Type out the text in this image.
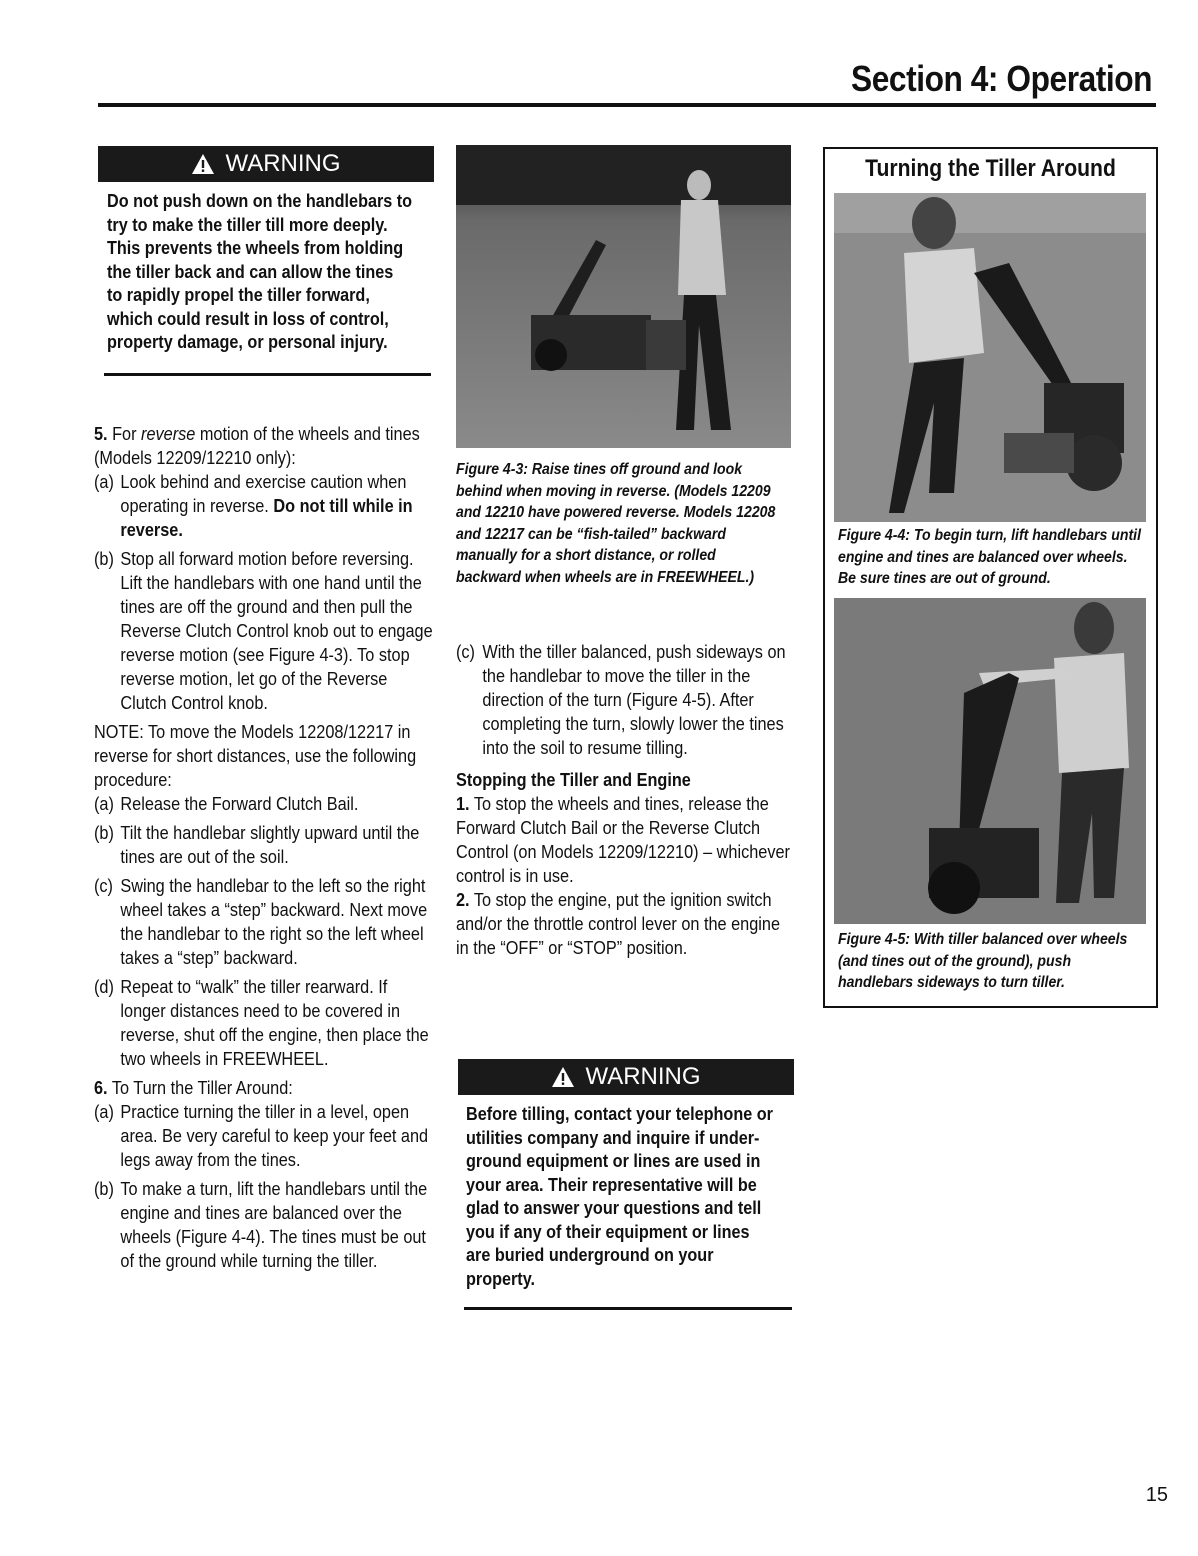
Section 4: Operation
WARNING
Do not push down on the handlebars to
try to make the tiller till more deeply.
This prevents the wheels from holding
the tiller back and can allow the tines
to rapidly propel the tiller forward,
which could result in loss of control,
property damage, or personal injury.

5. For reverse motion of the wheels and tines (Models 12209/12210 only):

(a) Look behind and exercise caution when operating in reverse. Do not till while in reverse.
(b) Stop all forward motion before reversing. Lift the handlebars with one hand until the tines are off the ground and then pull the Reverse Clutch Control knob out to engage reverse motion (see Figure 4-3). To stop reverse motion, let go of the Reverse Clutch Control knob.

NOTE: To move the Models 12208/12217 in reverse for short distances, use the following procedure:

(a) Release the Forward Clutch Bail.
(b) Tilt the handlebar slightly upward until the tines are out of the soil.
(c) Swing the handlebar to the left so the right wheel takes a “step” backward. Next move the handlebar to the right so the left wheel takes a “step” backward.
(d) Repeat to “walk” the tiller rearward. If longer distances need to be covered in reverse, shut off the engine, then place the two wheels in FREEWHEEL.

6. To Turn the Tiller Around:

(a) Practice turning the tiller in a level, open area. Be very careful to keep your feet and legs away from the tines.
(b) To make a turn, lift the handlebars until the engine and tines are balanced over the wheels (Figure 4-4). The tines must be out of the ground while turning the tiller.
Figure 4-3: Raise tines off ground and look behind when moving in reverse. (Models 12209 and 12210 have powered reverse. Models 12208 and 12217 can be “fish-tailed” backward manually for a short distance, or rolled backward when wheels are in FREEWHEEL.)
(c) With the tiller balanced, push sideways on the handlebar to move the tiller in the direction of the turn (Figure 4-5). After completing the turn, slowly lower the tines into the soil to resume tilling.

Stopping the Tiller and Engine

1. To stop the wheels and tines, release the Forward Clutch Bail or the Reverse Clutch Control (on Models 12209/12210) – whichever control is in use.

2. To stop the engine, put the ignition switch and/or the throttle control lever on the engine in the “OFF” or “STOP” position.

WARNING
Before tilling, contact your telephone or
utilities company and inquire if under-
ground equipment or lines are used in
your area. Their representative will be
glad to answer your questions and tell
you if any of their equipment or lines
are buried underground on your
property.
Turning the Tiller Around
Figure 4-4: To begin turn, lift handlebars until engine and tines are balanced over wheels. Be sure tines are out of ground.
Figure 4-5: With tiller balanced over wheels (and tines out of the ground), push handlebars sideways to turn tiller.
15
